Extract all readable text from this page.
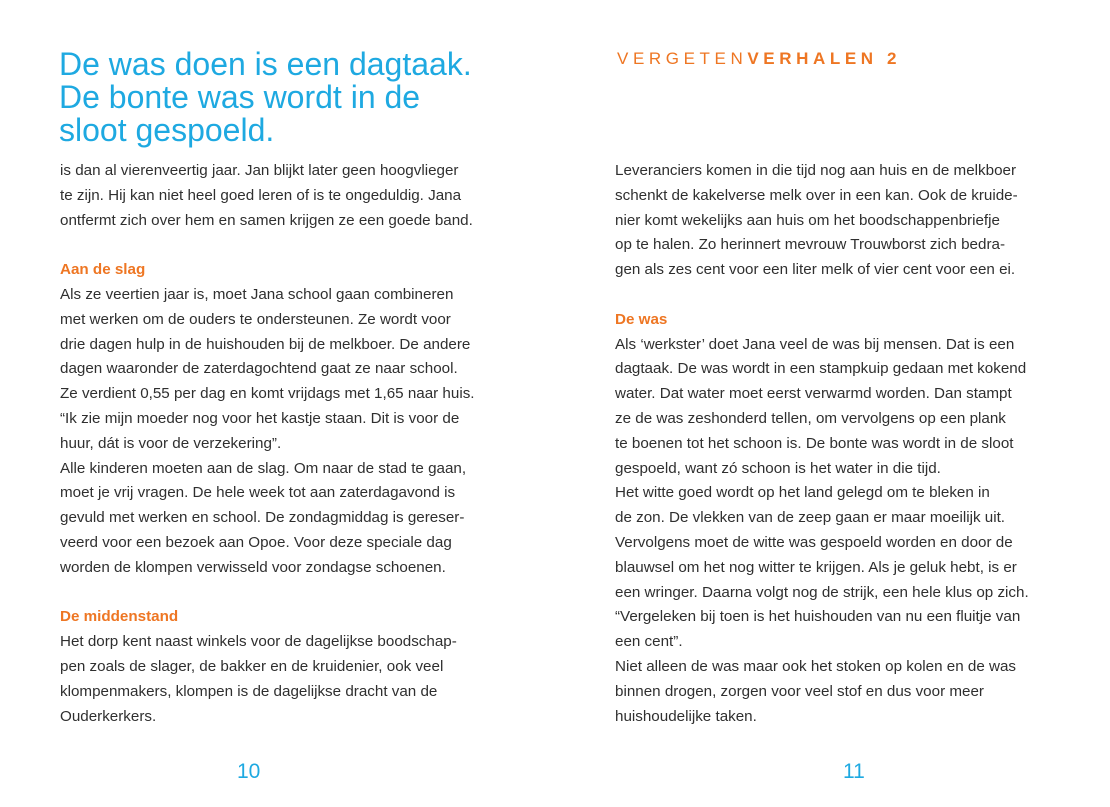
De was doen is een dagtaak.
De bonte was wordt in de
sloot gespoeld.
is dan al vierenveertig jaar. Jan blijkt later geen hoogvlieger
te zijn. Hij kan niet heel goed leren of is te ongeduldig. Jana
ontfermt zich over hem en samen krijgen ze een goede band.
Aan de slag
Als ze veertien jaar is, moet Jana school gaan combineren
met werken om de ouders te ondersteunen. Ze wordt voor
drie dagen hulp in de huishouden bij de melkboer. De andere
dagen waaronder de zaterdagochtend gaat ze naar school.
Ze verdient 0,55 per dag en komt vrijdags met 1,65 naar huis.
“Ik zie mijn moeder nog voor het kastje staan. Dit is voor de
huur, dát is voor de verzekering”.
Alle kinderen moeten aan de slag. Om naar de stad te gaan,
moet je vrij vragen. De hele week tot aan zaterdagavond is
gevuld met werken en school. De zondagmiddag is gereser-
veerd voor een bezoek aan Opoe. Voor deze speciale dag
worden de klompen verwisseld voor zondagse schoenen.
De middenstand
Het dorp kent naast winkels voor de dagelijkse boodschap-
pen zoals de slager, de bakker en de kruidenier, ook veel
klompenmakers, klompen is de dagelijkse dracht van de
Ouderkerkers.
10
VERGETENVERHALEN 2
Leveranciers komen in die tijd nog aan huis en de melkboer
schenkt de kakelverse melk over in een kan. Ook de kruide-
nier komt wekelijks aan huis om het boodschappenbriefje
op te halen. Zo herinnert mevrouw Trouwborst zich bedra-
gen als zes cent voor een liter melk of vier cent voor een ei.
De was
Als ‘werkster’ doet Jana veel de was bij mensen. Dat is een
dagtaak. De was wordt in een stampkuip gedaan met kokend
water. Dat water moet eerst verwarmd worden. Dan stampt
ze de was zeshonderd tellen, om vervolgens op een plank
te boenen tot het schoon is. De bonte was wordt in de sloot
gespoeld, want zó schoon is het water in die tijd.
Het witte goed wordt op het land gelegd om te bleken in
de zon. De vlekken van de zeep gaan er maar moeilijk uit.
Vervolgens moet de witte was gespoeld worden en door de
blauwsel om het nog witter te krijgen. Als je geluk hebt, is er
een wringer. Daarna volgt nog de strijk, een hele klus op zich.
“Vergeleken bij toen is het huishouden van nu een fluitje van
een cent”.
Niet alleen de was maar ook het stoken op kolen en de was
binnen drogen, zorgen voor veel stof en dus voor meer
huishoudelijke taken.
11
